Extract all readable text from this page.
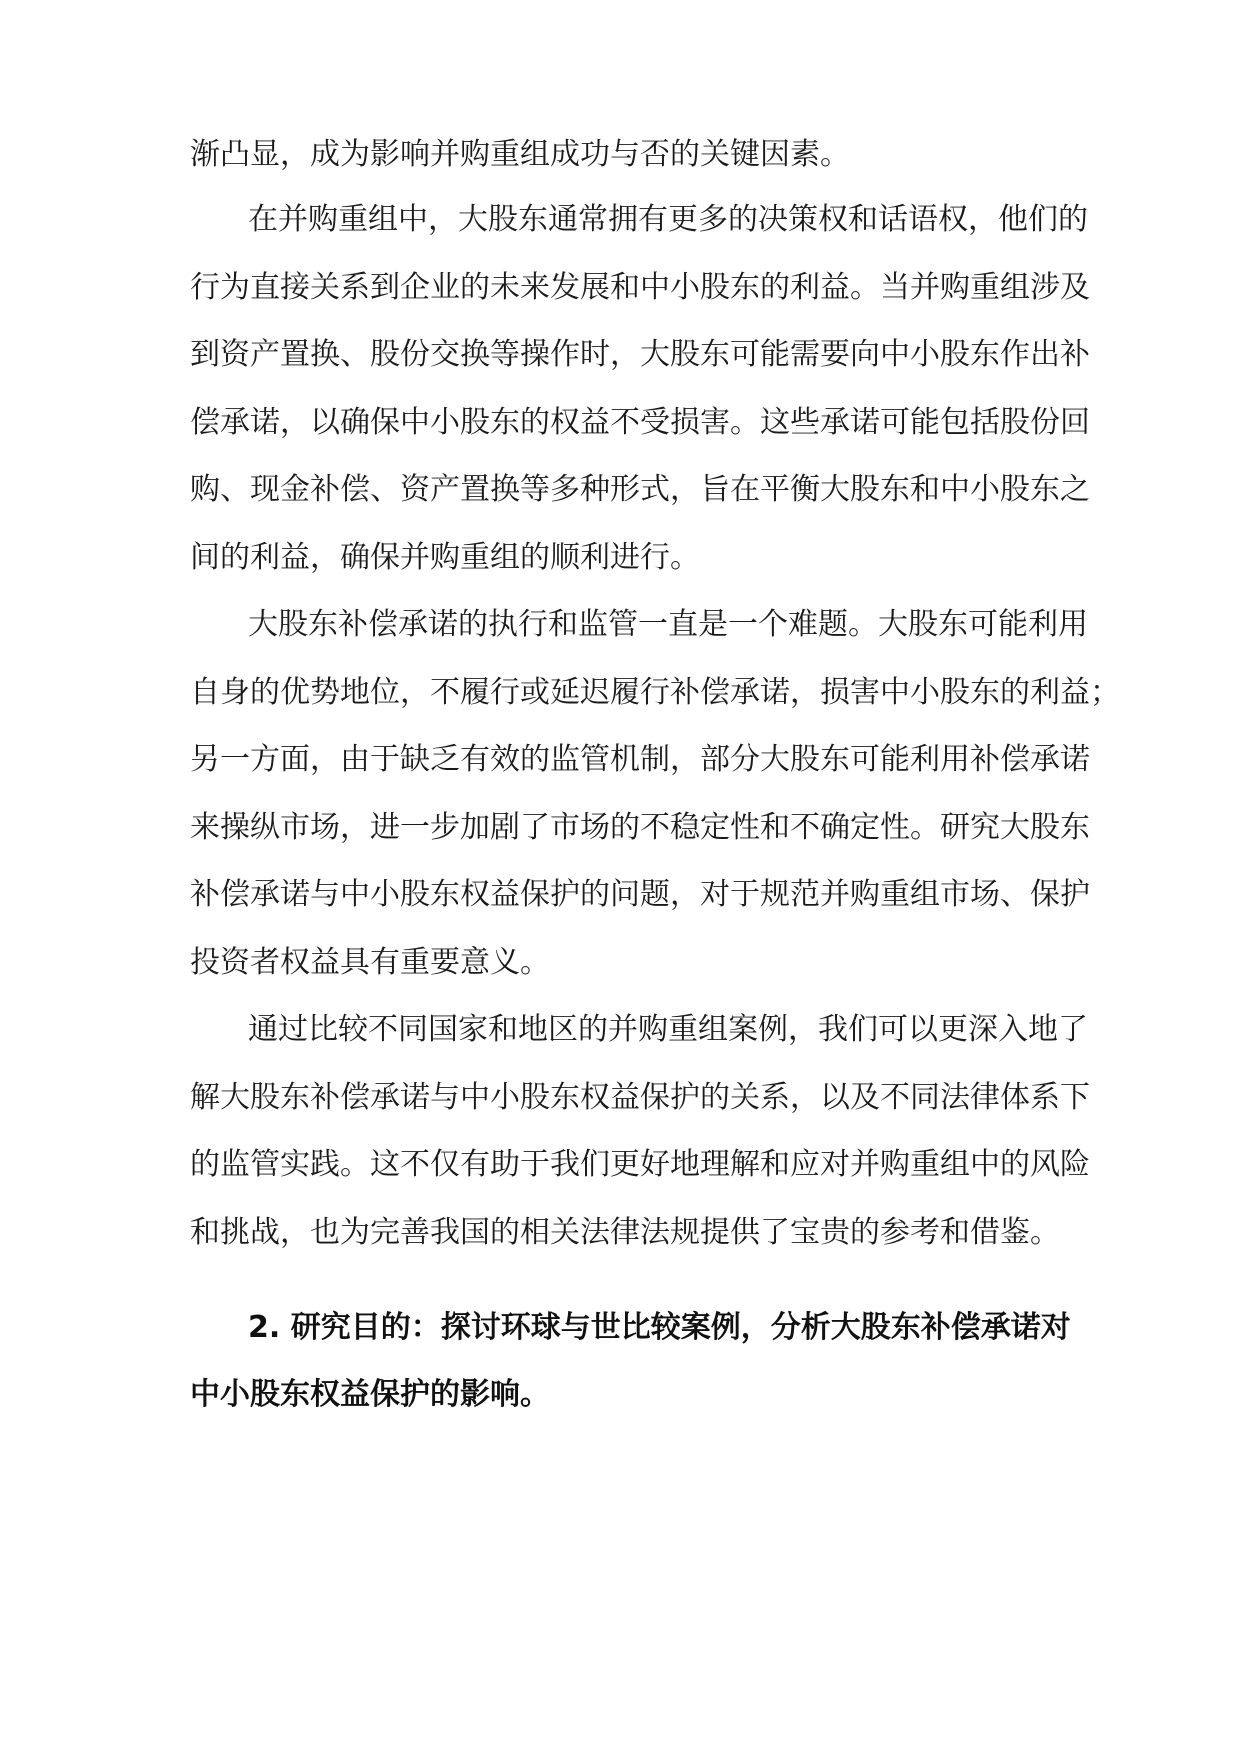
渐凸显，成为影响并购重组成功与否的关键因素。
在并购重组中，大股东通常拥有更多的决策权和话语权，他们的
行为直接关系到企业的未来发展和中小股东的利益。当并购重组涉及
到资产置换、股份交换等操作时，大股东可能需要向中小股东作出补
偿承诺，以确保中小股东的权益不受损害。这些承诺可能包括股份回
购、现金补偿、资产置换等多种形式，旨在平衡大股东和中小股东之
间的利益，确保并购重组的顺利进行。
大股东补偿承诺的执行和监管一直是一个难题。大股东可能利用
自身的优势地位，不履行或延迟履行补偿承诺，损害中小股东的利益；
另一方面，由于缺乏有效的监管机制，部分大股东可能利用补偿承诺
来操纵市场，进一步加剧了市场的不稳定性和不确定性。研究大股东
补偿承诺与中小股东权益保护的问题，对于规范并购重组市场、保护
投资者权益具有重要意义。
通过比较不同国家和地区的并购重组案例，我们可以更深入地了
解大股东补偿承诺与中小股东权益保护的关系，以及不同法律体系下
的监管实践。这不仅有助于我们更好地理解和应对并购重组中的风险
和挑战，也为完善我国的相关法律法规提供了宝贵的参考和借鉴。
2. 研究目的：探讨环球与世比较案例，分析大股东补偿承诺对
中小股东权益保护的影响。
